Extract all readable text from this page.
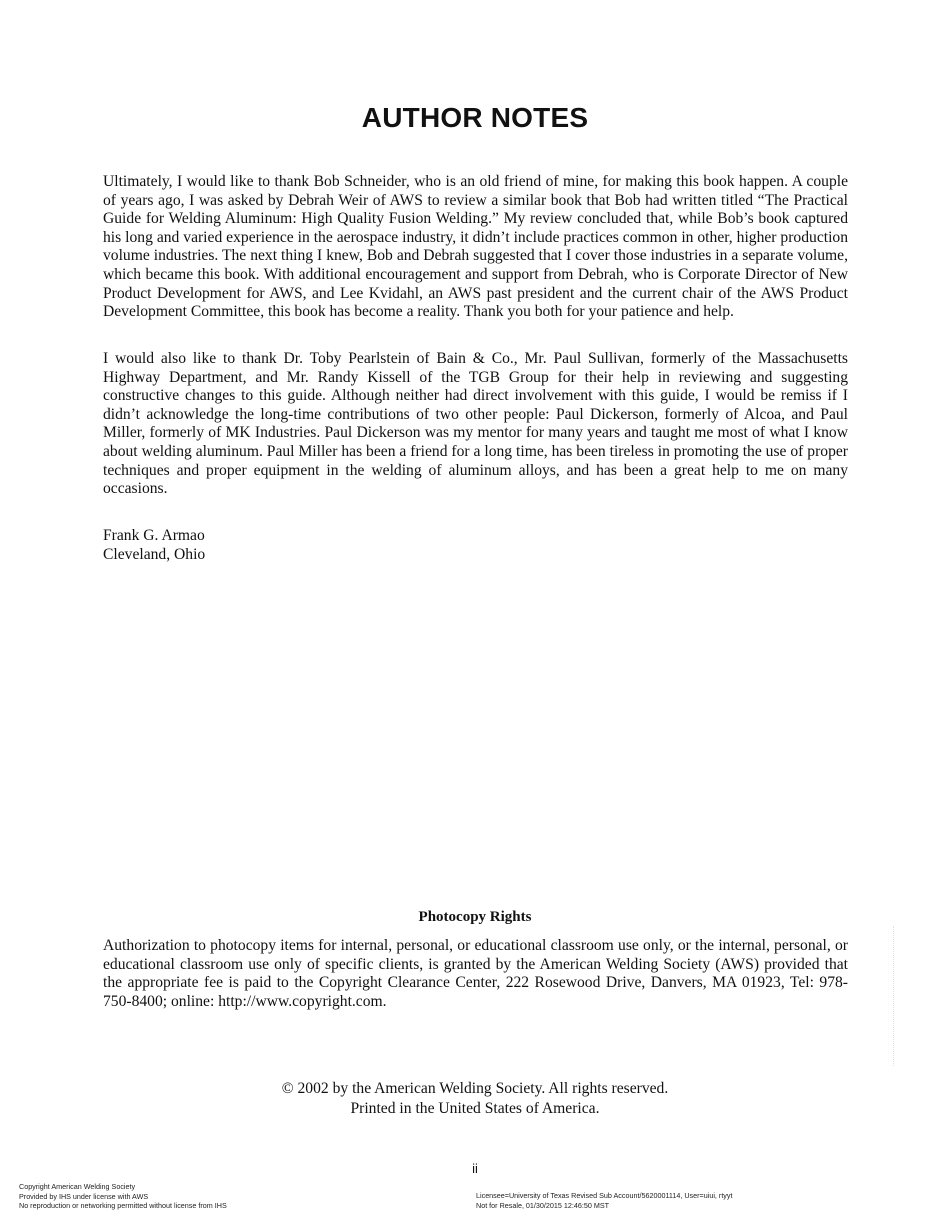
AUTHOR NOTES

Ultimately, I would like to thank Bob Schneider, who is an old friend of mine, for making this book happen. A couple of years ago, I was asked by Debrah Weir of AWS to review a similar book that Bob had written titled “The Practical Guide for Welding Aluminum: High Quality Fusion Welding.” My review concluded that, while Bob’s book captured his long and varied experience in the aerospace industry, it didn’t include practices common in other, higher production volume industries. The next thing I knew, Bob and Debrah suggested that I cover those industries in a separate volume, which became this book. With additional encouragement and support from Debrah, who is Corporate Director of New Product Development for AWS, and Lee Kvidahl, an AWS past president and the current chair of the AWS Product Development Committee, this book has become a reality. Thank you both for your patience and help.

I would also like to thank Dr. Toby Pearlstein of Bain & Co., Mr. Paul Sullivan, formerly of the Massachusetts Highway Department, and Mr. Randy Kissell of the TGB Group for their help in reviewing and suggesting constructive changes to this guide. Although neither had direct involvement with this guide, I would be remiss if I didn’t acknowledge the long-time contributions of two other people: Paul Dickerson, formerly of Alcoa, and Paul Miller, formerly of MK Industries. Paul Dickerson was my mentor for many years and taught me most of what I know about welding aluminum. Paul Miller has been a friend for a long time, has been tireless in promoting the use of proper techniques and proper equipment in the welding of aluminum alloys, and has been a great help to me on many occasions.

Frank G. Armao
Cleveland, Ohio
Photocopy Rights

Authorization to photocopy items for internal, personal, or educational classroom use only, or the internal, personal, or educational classroom use only of specific clients, is granted by the American Welding Society (AWS) provided that the appropriate fee is paid to the Copyright Clearance Center, 222 Rosewood Drive, Danvers, MA 01923, Tel: 978-750-8400; online: http://www.copyright.com.

© 2002 by the American Welding Society. All rights reserved.
Printed in the United States of America.
ii
Copyright American Welding Society
Provided by IHS under license with AWS
No reproduction or networking permitted without license from IHS
Licensee=University of Texas Revised Sub Account/5620001114, User=uiui, rtyyt
Not for Resale, 01/30/2015 12:46:50 MST
